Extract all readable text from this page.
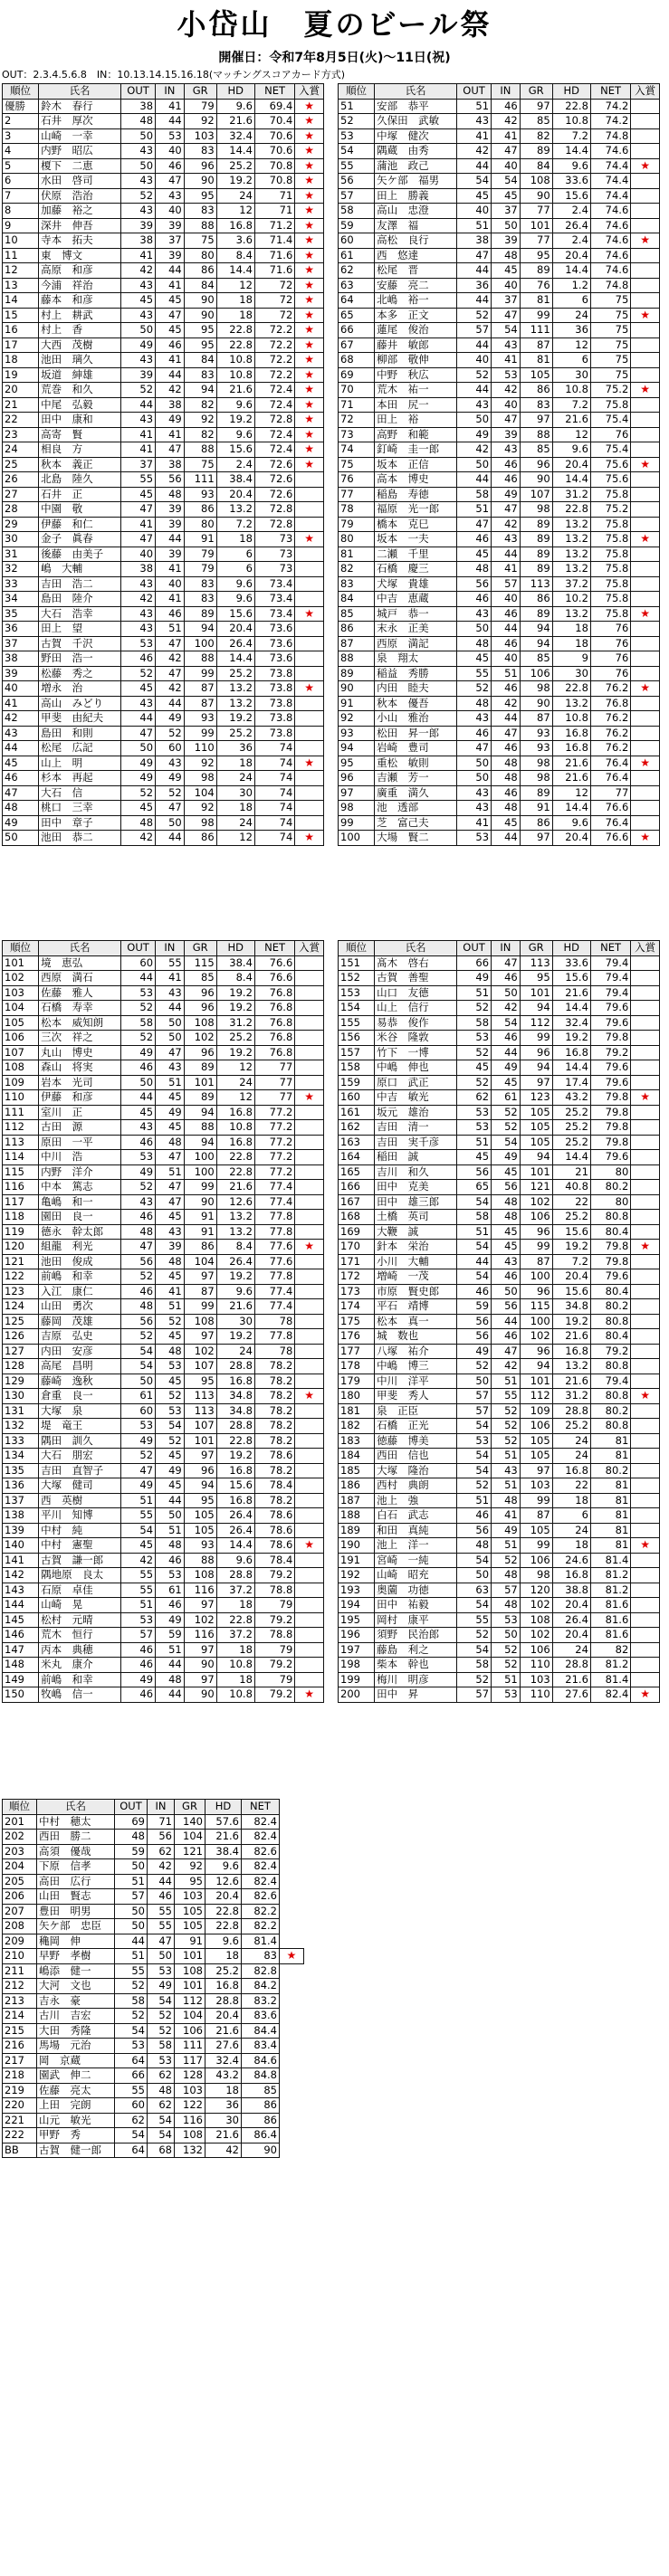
小岱山　夏のビール祭
開催日：令和7年8月5日(火)～11日(祝)
OUT：2.3.4.5.6.8　IN：10.13.14.15.16.18(マッチングスコアカード方式)
順位	氏名	OUT	IN	GR	HD	NET	入賞
優勝	鈴木　春行	38	41	79	9.6	69.4	★
2	石井　厚次	48	44	92	21.6	70.4	★
3	山崎　一幸	50	53	103	32.4	70.6	★
4	内野　昭広	43	40	83	14.4	70.6	★
5	榎下　二恵	50	46	96	25.2	70.8	★
6	水田　啓司	43	47	90	19.2	70.8	★
7	伏原　浩治	52	43	95	24	71	★
8	加藤　裕之	43	40	83	12	71	★
9	深井　伸吾	39	39	88	16.8	71.2	★
10	寺本　拓夫	38	37	75	3.6	71.4	★
11	東　博文	41	39	80	8.4	71.6	★
12	高原　和彦	42	44	86	14.4	71.6	★
13	今浦　祥治	43	41	84	12	72	★
14	藤本　和彦	45	45	90	18	72	★
15	村上　耕武	43	47	90	18	72	★
16	村上　香	50	45	95	22.8	72.2	★
17	大西　茂樹	49	46	95	22.8	72.2	★
18	池田　璃久	43	41	84	10.8	72.2	★
19	坂道　紳雄	39	44	83	10.8	72.2	★
20	荒巻　和久	52	42	94	21.6	72.4	★
21	中尾　弘毅	44	38	82	9.6	72.4	★
22	田中　康和	43	49	92	19.2	72.8	★
23	高寄　賢	41	41	82	9.6	72.4	★
24	相良　方	41	47	88	15.6	72.4	★
25	秋本　義正	37	38	75	2.4	72.6	★
26	北島　陸久	55	56	111	38.4	72.6	
27	石井　正	45	48	93	20.4	72.6	
28	中園　敬	47	39	86	13.2	72.8	
29	伊藤　和仁	41	39	80	7.2	72.8	
30	金子　眞春	47	44	91	18	73	★
31	後藤　由美子	40	39	79	6	73	
32	嶋　大輔	38	41	79	6	73	
33	吉田　浩二	43	40	83	9.6	73.4	
34	島田　陸介	42	41	83	9.6	73.4	
35	大石　浩幸	43	46	89	15.6	73.4	★
36	田上　望	43	51	94	20.4	73.6	
37	古賀　千沢	53	47	100	26.4	73.6	
38	野田　浩一	46	42	88	14.4	73.6	
39	松藤　秀之	52	47	99	25.2	73.8	
40	増永　治	45	42	87	13.2	73.8	★
41	高山　みどり	43	44	87	13.2	73.8	
42	甲斐　由紀夫	44	49	93	19.2	73.8	
43	島田　和則	47	52	99	25.2	73.8	
44	松尾　広記	50	60	110	36	74	
45	山上　明	49	43	92	18	74	★
46	杉本　再起	49	49	98	24	74	
47	大石　信	52	52	104	30	74	
48	桃口　三幸	45	47	92	18	74	
49	田中　章子	48	50	98	24	74	
50	池田　恭二	42	44	86	12	74	★
順位	氏名	OUT	IN	GR	HD	NET	入賞
51	安部　恭平	51	46	97	22.8	74.2	
52	久保田　武敏	43	42	85	10.8	74.2	
53	中塚　健次	41	41	82	7.2	74.8	
54	隅蔵　由秀	42	47	89	14.4	74.6	
55	蒲池　政己	44	40	84	9.6	74.4	★
56	矢ケ部　福男	54	54	108	33.6	74.4	
57	田上　勝義	45	45	90	15.6	74.4	
58	高山　忠澄	40	37	77	2.4	74.6	
59	友澤　福	51	50	101	26.4	74.6	
60	高松　良行	38	39	77	2.4	74.6	★
61	西　悠達	47	48	95	20.4	74.6	
62	松尾　晋	44	45	89	14.4	74.6	
63	安藤　亮二	36	40	76	1.2	74.8	
64	北嶋　裕一	44	37	81	6	75	
65	本多　正文	52	47	99	24	75	★
66	蓮尾　俊治	57	54	111	36	75	
67	藤井　敏郎	44	43	87	12	75	
68	柳部　敬伸	40	41	81	6	75	
69	中野　秋広	52	53	105	30	75	
70	荒木　祐一	44	42	86	10.8	75.2	★
71	本田　尻一	43	40	83	7.2	75.8	
72	田上　裕	50	47	97	21.6	75.4	
73	高野　和範	49	39	88	12	76	
74	釘崎　圭一郎	42	43	85	9.6	75.4	
75	坂本　正信	50	46	96	20.4	75.6	★
76	高本　博史	44	46	90	14.4	75.6	
77	稲島　寿徳	58	49	107	31.2	75.8	
78	福原　光一郎	51	47	98	22.8	75.2	
79	橋本　克巳	47	42	89	13.2	75.8	
80	坂本　一夫	46	43	89	13.2	75.8	★
81	二瀬　千里	45	44	89	13.2	75.8	
82	石橋　慶三	48	41	89	13.2	75.8	
83	犬塚　貴雄	56	57	113	37.2	75.8	
84	中吉　恵蔵	46	40	86	10.2	75.8	
85	城戸　恭一	43	46	89	13.2	75.8	★
86	末永　正美	50	44	94	18	76	
87	西原　満記	48	46	94	18	76	
88	泉　翔太	45	40	85	9	76	
89	稲益　秀勝	55	51	106	30	76	
90	内田　睦夫	52	46	98	22.8	76.2	★
91	秋本　優吾	48	42	90	13.2	76.8	
92	小山　雅治	43	44	87	10.8	76.2	
93	松田　昇一郎	46	47	93	16.8	76.2	
94	岩崎　豊司	47	46	93	16.8	76.2	
95	重松　敏則	50	48	98	21.6	76.4	★
96	吉瀬　芳一	50	48	98	21.6	76.4	
97	廣重　満久	43	46	89	12	77	
98	池　透部	43	48	91	14.4	76.6	
99	芝　富己夫	41	45	86	9.6	76.4	
100	大場　賢二	53	44	97	20.4	76.6	★
順位	氏名	OUT	IN	GR	HD	NET	入賞
101	境　恵弘	60	55	115	38.4	76.6	
102	西原　満石	44	41	85	8.4	76.6	
103	佐藤　雅人	53	43	96	19.2	76.8	
104	石橋　寿幸	52	44	96	19.2	76.8	
105	松本　威知朗	58	50	108	31.2	76.8	
106	三次　祥之	52	50	102	25.2	76.8	
107	丸山　博史	49	47	96	19.2	76.8	
108	森山　将実	46	43	89	12	77	
109	岩本　光司	50	51	101	24	77	
110	伊藤　和彦	44	45	89	12	77	★
111	室川　正	45	49	94	16.8	77.2	
112	古田　源	43	45	88	10.8	77.2	
113	原田　一平	46	48	94	16.8	77.2	
114	中川　浩	53	47	100	22.8	77.2	
115	内野　洋介	49	51	100	22.8	77.2	
116	中本　篤志	52	47	99	21.6	77.4	
117	亀嶋　和一	43	47	90	12.6	77.4	
118	園田　良一	46	45	91	13.2	77.8	
119	德永　幹太郎	48	43	91	13.2	77.8	
120	組龍　利光	47	39	86	8.4	77.6	★
121	池田　俊成	56	48	104	26.4	77.6	
122	前嶋　和幸	52	45	97	19.2	77.8	
123	入江　康仁	46	41	87	9.6	77.4	
124	山田　勇次	48	51	99	21.6	77.4	
125	藤岡　茂雄	56	52	108	30	78	
126	吉原　弘史	52	45	97	19.2	77.8	
127	内田　安彦	54	48	102	24	78	
128	高尾　昌明	54	53	107	28.8	78.2	
129	藤崎　逸秋	50	45	95	16.8	78.2	
130	倉重　良一	61	52	113	34.8	78.2	★
131	大塚　泉	60	53	113	34.8	78.2	
132	堤　竜王	53	54	107	28.8	78.2	
133	隅田　訓久	49	52	101	22.8	78.2	
134	大石　朋宏	52	45	97	19.2	78.6	
135	吉田　直智子	47	49	96	16.8	78.2	
136	大塚　健司	49	45	94	15.6	78.4	
137	西　英樹	51	44	95	16.8	78.2	
138	平川　知博	55	50	105	26.4	78.6	
139	中村　純	54	51	105	26.4	78.6	
140	中村　憲聖	45	48	93	14.4	78.6	★
141	古賀　謙一郎	42	46	88	9.6	78.4	
142	隅地原　良太	55	53	108	28.8	79.2	
143	石原　卓佳	55	61	116	37.2	78.8	
144	山崎　晃	51	46	97	18	79	
145	松村　元晴	53	49	102	22.8	79.2	
146	荒木　恒行	57	59	116	37.2	78.8	
147	丙本　典穂	46	51	97	18	79	
148	米丸　康介	46	44	90	10.8	79.2	
149	前嶋　和幸	49	48	97	18	79	
150	牧嶋　信一	46	44	90	10.8	79.2	★
順位	氏名	OUT	IN	GR	HD	NET	入賞
151	髙木　啓右	66	47	113	33.6	79.4	
152	古賀　善聖	49	46	95	15.6	79.4	
153	山口　友德	51	50	101	21.6	79.4	
154	山上　信行	52	42	94	14.4	79.6	
155	易恭　俊作	58	54	112	32.4	79.6	
156	米谷　隆敦	53	46	99	19.2	79.8	
157	竹下　一博	52	44	96	16.8	79.2	
158	中嶋　伸也	45	49	94	14.4	79.6	
159	原口　武正	52	45	97	17.4	79.6	
160	中吉　敏光	62	61	123	43.2	79.8	★
161	坂元　雄治	53	52	105	25.2	79.8	
162	吉田　清一	53	52	105	25.2	79.8	
163	吉田　実千彦	51	54	105	25.2	79.8	
164	稲田　誠	45	49	94	14.4	79.6	
165	吉川　和久	56	45	101	21	80	
166	田中　克美	65	56	121	40.8	80.2	
167	田中　雄三郎	54	48	102	22	80	
168	土橋　英司	58	48	106	25.2	80.8	
169	大鞭　誠	51	45	96	15.6	80.4	
170	針本　栄治	54	45	99	19.2	79.8	★
171	小川　大輔	44	43	87	7.2	79.8	
172	増崎　一茂	54	46	100	20.4	79.6	
173	市原　賢史郎	46	50	96	15.6	80.4	
174	平石　靖博	59	56	115	34.8	80.2	
175	松本　真一	56	44	100	19.2	80.8	
176	城　数也	56	46	102	21.6	80.4	
177	八塚　祐介	49	47	96	16.8	79.2	
178	中嶋　博三	52	42	94	13.2	80.8	
179	中川　洋平	50	51	101	21.6	79.4	
180	甲斐　秀人	57	55	112	31.2	80.8	★
181	泉　正臣	57	52	109	28.8	80.2	
182	石橋　正光	54	52	106	25.2	80.8	
183	徳藤　博美	53	52	105	24	81	
184	西田　信也	54	51	105	24	81	
185	大塚　隆治	54	43	97	16.8	80.2	
186	西村　典朗	52	51	103	22	81	
187	池上　強	51	48	99	18	81	
188	白石　武志	46	41	87	6	81	
189	和田　真純	56	49	105	24	81	
190	池上　洋一	48	51	99	18	81	★
191	宮崎　一純	54	52	106	24.6	81.4	
192	山崎　昭充	50	48	98	16.8	81.2	
193	奥薗　功徳	63	57	120	38.8	81.2	
194	田中　祐毅	54	48	102	20.4	81.6	
195	岡村　康平	55	53	108	26.4	81.6	
196	須野　民治郎	52	50	102	20.4	81.6	
197	藤島　利之	54	52	106	24	82	
198	柴本　幹也	58	52	110	28.8	81.2	
199	梅川　明彦	52	51	103	21.6	81.4	
200	田中　昇	57	53	110	27.6	82.4	★
順位	氏名	OUT	IN	GR	HD	NET	
201	中村　穂太	69	71	140	57.6	82.4	
202	西田　勝二	48	56	104	21.6	82.4	
203	高須　優哉	59	62	121	38.4	82.6	
204	下原　信孝	50	42	92	9.6	82.4	
205	高田　広行	51	44	95	12.6	82.4	
206	山田　賢志	57	46	103	20.4	82.6	
207	豊田　明男	50	55	105	22.8	82.2	
208	矢ケ部　忠臣	50	55	105	22.8	82.2	
209	穐岡　伸	44	47	91	9.6	81.4	
210	早野　孝樹	51	50	101	18	83	★
211	嶋添　健一	55	53	108	25.2	82.8	
212	大河　文也	52	49	101	16.8	84.2	
213	吉永　豪	58	54	112	28.8	83.2	
214	古川　吉宏	52	52	104	20.4	83.6	
215	大田　秀隆	54	52	106	21.6	84.4	
216	馬場　元治	53	58	111	27.6	83.4	
217	岡　京蔵	64	53	117	32.4	84.6	
218	園武　伸二	66	62	128	43.2	84.8	
219	佐藤　亮太	55	48	103	18	85	
220	上田　完朗	60	62	122	36	86	
221	山元　敏光	62	54	116	30	86	
222	甲野　秀	54	54	108	21.6	86.4	
BB	古賀　健一郎	64	68	132	42	90	
